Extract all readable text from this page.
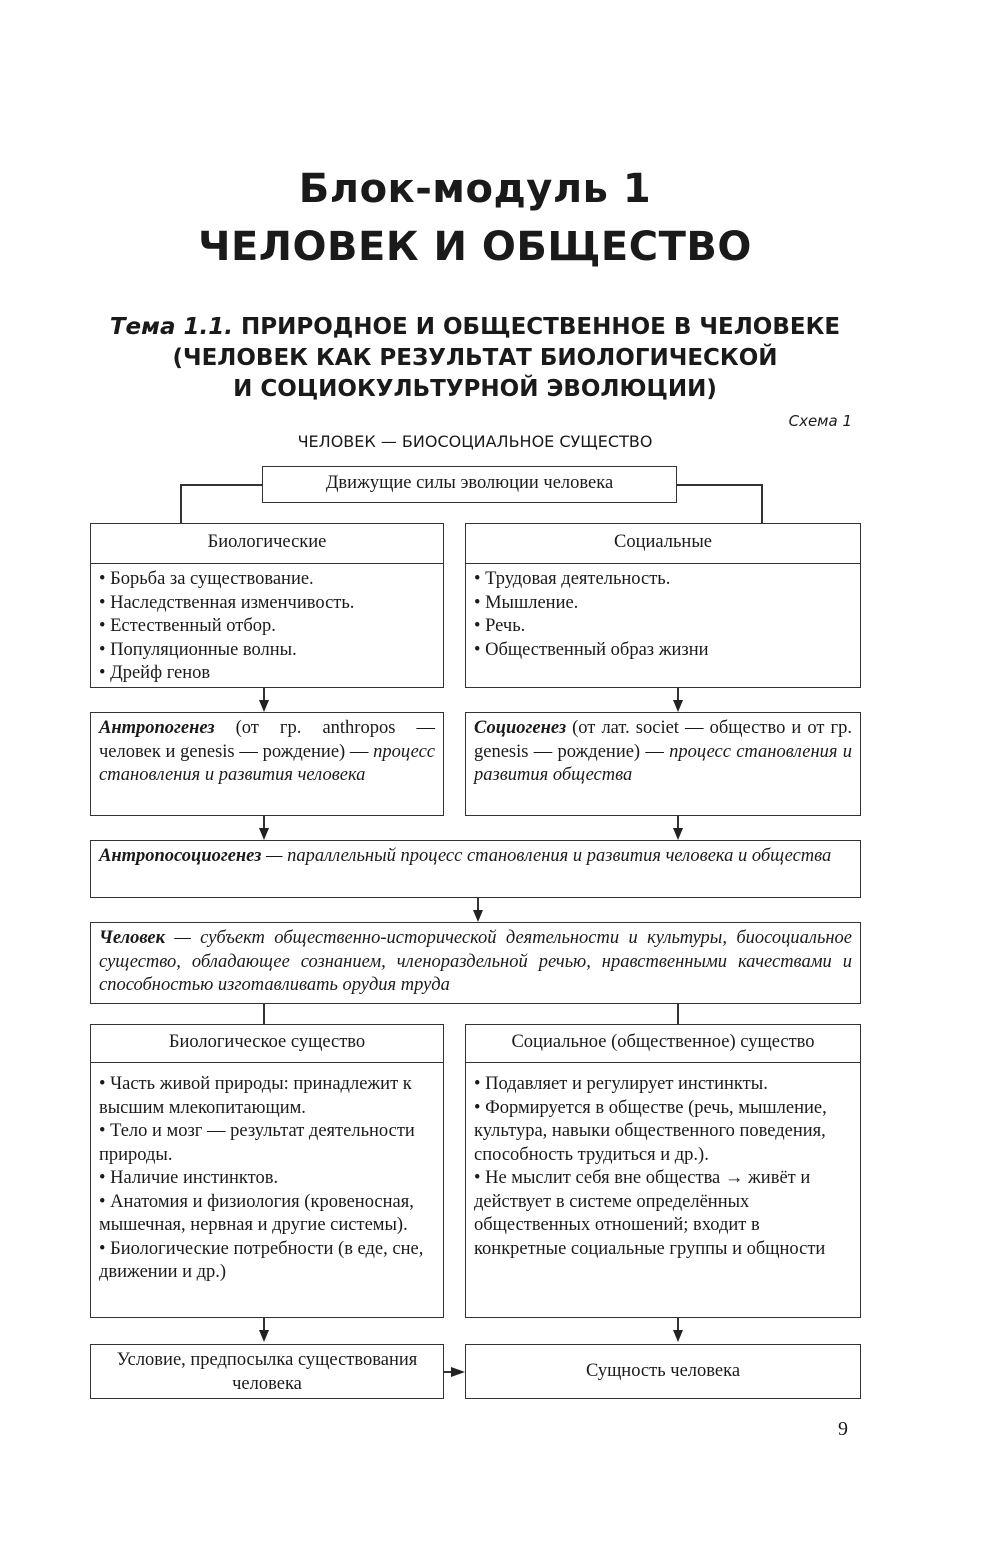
Блок-модуль 1
ЧЕЛОВЕК И ОБЩЕСТВО
Тема 1.1. ПРИРОДНОЕ И ОБЩЕСТВЕННОЕ В ЧЕЛОВЕКЕ
(ЧЕЛОВЕК КАК РЕЗУЛЬТАТ БИОЛОГИЧЕСКОЙ
И СОЦИОКУЛЬТУРНОЙ ЭВОЛЮЦИИ)
Схема 1
ЧЕЛОВЕК — БИОСОЦИАЛЬНОЕ СУЩЕСТВО
Движущие силы эволюции человека
Биологические
• Борьба за существование.
• Наследственная изменчивость.
• Естественный отбор.
• Популяционные волны.
• Дрейф генов
Социальные
• Трудовая деятельность.
• Мышление.
• Речь.
• Общественный образ жизни
Антропогенез (от гр. anthropos — человек и genesis — рождение) — процесс становления и развития человека
Социогенез (от лат. societ — общество и от гр. genesis — рождение) — процесс становления и развития общества
Антропосоциогенез — параллельный процесс становления и развития человека и общества
Человек — субъект общественно-исторической деятельности и культуры, биосоциальное существо, обладающее сознанием, членораздельной речью, нравственными качествами и способностью изготавливать орудия труда
Биологическое существо
• Часть живой природы: принадлежит к высшим млекопитающим.
• Тело и мозг — результат деятельности природы.
• Наличие инстинктов.
• Анатомия и физиология (кровеносная, мышечная, нервная и другие системы).
• Биологические потребности (в еде, сне, движении и др.)
Социальное (общественное) существо
• Подавляет и регулирует инстинкты.
• Формируется в обществе (речь, мышление, культура, навыки общественного поведения, способность трудиться и др.).
• Не мыслит себя вне общества → живёт и действует в системе определённых общественных отношений; входит в конкретные социальные группы и общности
Условие, предпосылка существования человека
Сущность человека
9
